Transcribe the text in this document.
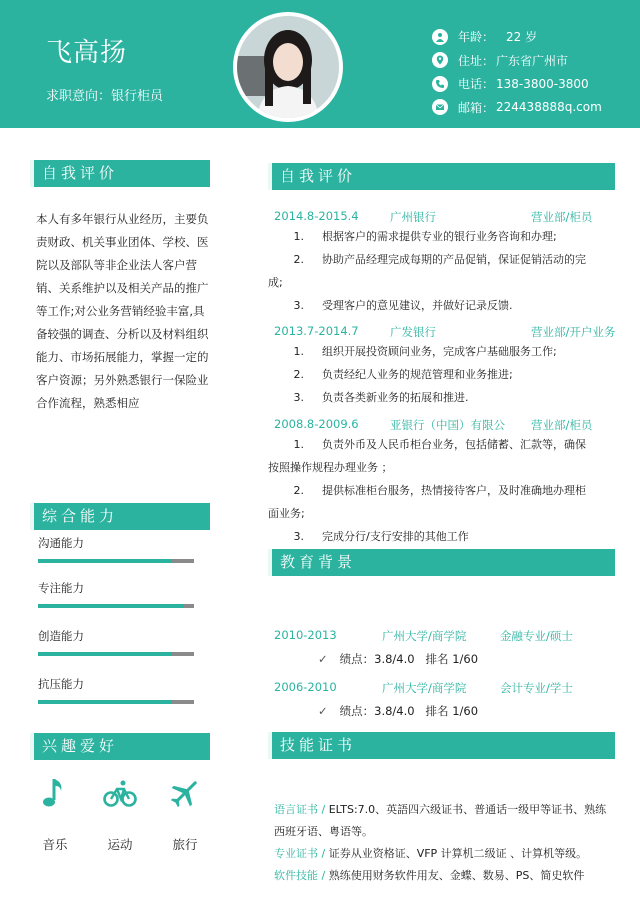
飞高扬
求职意向：银行柜员
年龄： 22 岁
住址： 广东省广州市
电话： 138-3800-3800
邮箱： 224438888q.com
自我评价
本人有多年银行从业经历，主要负责财政、机关事业团体、学校、医院以及部队等非企业法人客户营销、关系维护以及相关产品的推广等工作;对公业务营销经验丰富,具备较强的调查、分析以及材料组织能力、市场拓展能力，掌握一定的客户资源；另外熟悉银行一保险业合作流程，熟悉相应
综合能力
沟通能力
专注能力
创造能力
抗压能力
兴趣爱好
音乐	运动	旅行
自我评价
2014.8-2015.4	广州银行	营业部/柜员
1. 根据客户的需求提供专业的银行业务咨询和办理;
2. 协助产品经理完成每期的产品促销，保证促销活动的完
成;
3. 受理客户的意见建议，并做好记录反馈.
2013.7-2014.7	广发银行	营业部/开户业务
1. 组织开展投资顾问业务，完成客户基础服务工作;
2. 负责经纪人业务的规范管理和业务推进;
3. 负责各类新业务的拓展和推进.
2008.8-2009.6	亚银行（中国）有限公 营业部/柜员
1. 负责外币及人民币柜台业务，包括储蓄、汇款等，确保
按照操作规程办理业务 ；
2. 提供标准柜台服务，热情接待客户，及时准确地办理柜
面业务;
3. 完成分行/支行安排的其他工作
教育背景
2010-2013	广州大学/商学院	金融专业/硕士
✓ 绩点：3.8/4.0   排名 1/60
2006-2010	广州大学/商学院	会计专业/学士
✓ 绩点：3.8/4.0   排名 1/60
技能证书
语言证书 / ELTS:7.0、英語四六级证书、普通话一级甲等证书、熟练
西班牙语、粤语等。
专业证书 / 证券从业资格证、VFP 计算机二级证 、计算机等级。
软件技能 / 熟练使用财务软件用友、金蝶、数易、PS、简史软件
